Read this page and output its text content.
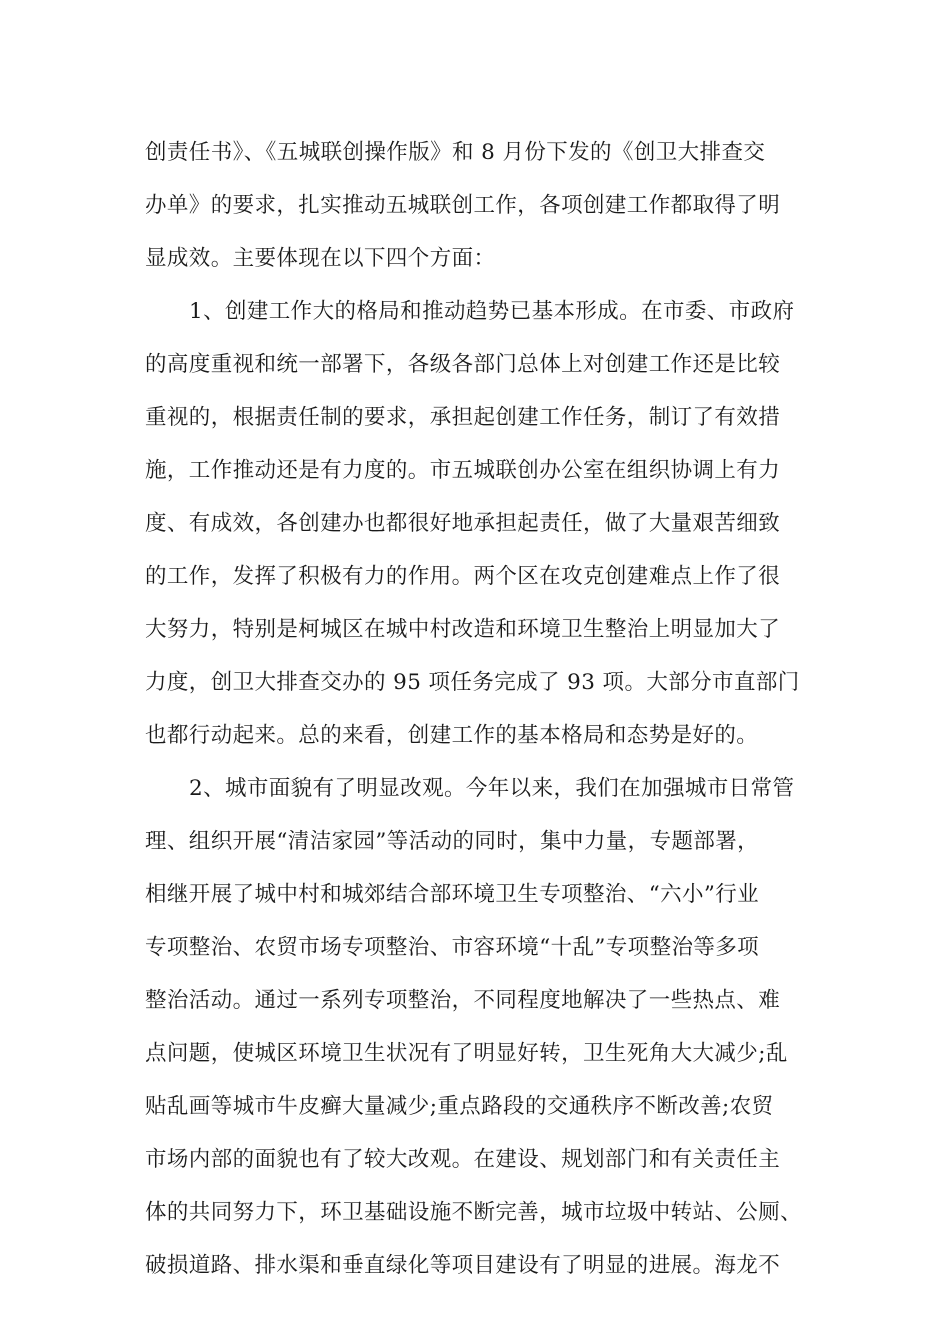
创责任书》、《五城联创操作版》和 8 月份下发的《创卫大排查交
办单》的要求，扎实推动五城联创工作，各项创建工作都取得了明
显成效。主要体现在以下四个方面：
1、创建工作大的格局和推动趋势已基本形成。在市委、市政府
的高度重视和统一部署下，各级各部门总体上对创建工作还是比较
重视的，根据责任制的要求，承担起创建工作任务，制订了有效措
施，工作推动还是有力度的。市五城联创办公室在组织协调上有力
度、有成效，各创建办也都很好地承担起责任，做了大量艰苦细致
的工作，发挥了积极有力的作用。两个区在攻克创建难点上作了很
大努力，特别是柯城区在城中村改造和环境卫生整治上明显加大了
力度，创卫大排查交办的 95 项任务完成了 93 项。大部分市直部门
也都行动起来。总的来看，创建工作的基本格局和态势是好的。
2、城市面貌有了明显改观。今年以来，我们在加强城市日常管
理、组织开展“清洁家园”等活动的同时，集中力量，专题部署，
相继开展了城中村和城郊结合部环境卫生专项整治、“六小”行业
专项整治、农贸市场专项整治、市容环境“十乱”专项整治等多项
整治活动。通过一系列专项整治，不同程度地解决了一些热点、难
点问题，使城区环境卫生状况有了明显好转，卫生死角大大减少;乱
贴乱画等城市牛皮癣大量减少;重点路段的交通秩序不断改善;农贸
市场内部的面貌也有了较大改观。在建设、规划部门和有关责任主
体的共同努力下，环卫基础设施不断完善，城市垃圾中转站、公厕、
破损道路、排水渠和垂直绿化等项目建设有了明显的进展。海龙不
